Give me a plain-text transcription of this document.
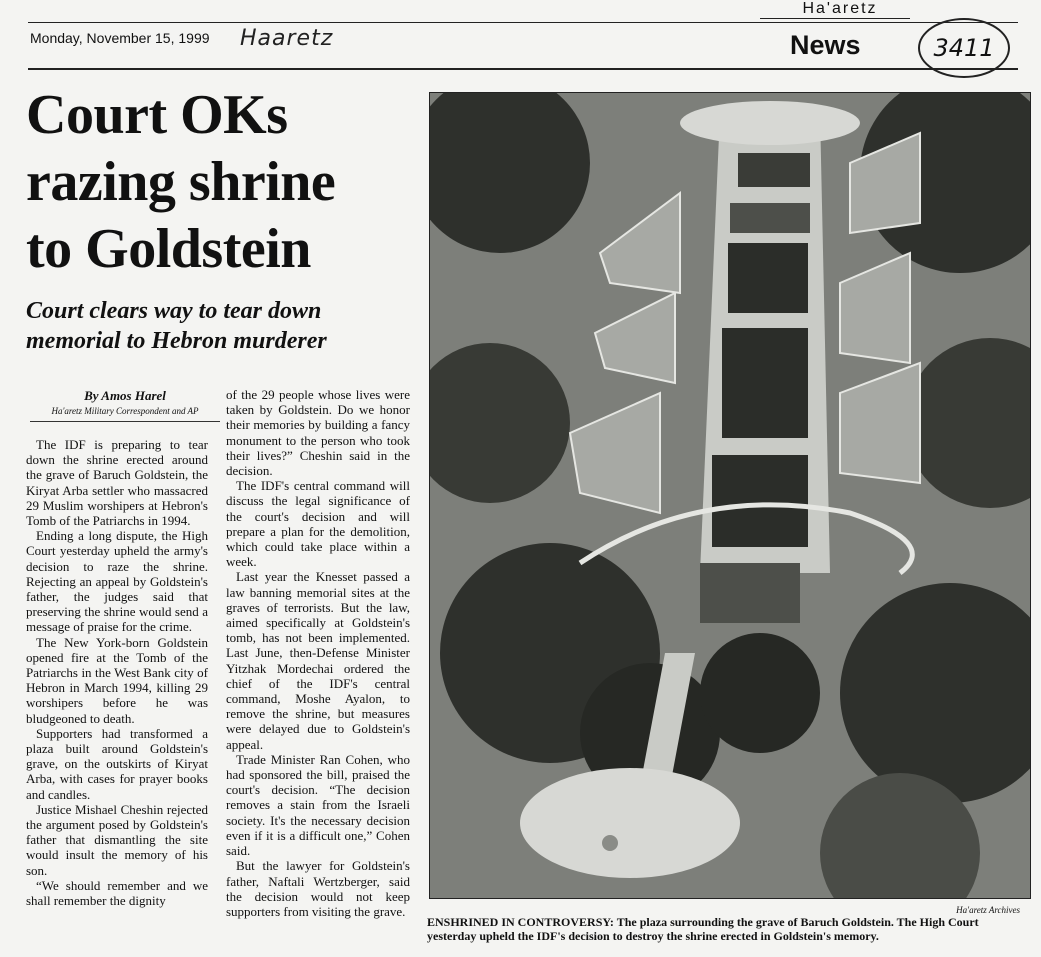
Ha'aretz
Monday, November 15, 1999 Haaretz	News	3411
Court OKs
razing shrine
to Goldstein
Court clears way to tear down
memorial to Hebron murderer
By Amos Harel
Ha'aretz Military Correspondent and AP

The IDF is preparing to tear down the shrine erected around the grave of Baruch Goldstein, the Kiryat Arba settler who massacred 29 Muslim worshipers at Hebron's Tomb of the Patriarchs in 1994.

Ending a long dispute, the High Court yesterday upheld the army's decision to raze the shrine. Rejecting an appeal by Goldstein's father, the judges said that preserving the shrine would send a message of praise for the crime.

The New York-born Goldstein opened fire at the Tomb of the Patriarchs in the West Bank city of Hebron in March 1994, killing 29 worshipers before he was bludgeoned to death.

Supporters had transformed a plaza built around Goldstein's grave, on the outskirts of Kiryat Arba, with cases for prayer books and candles.

Justice Mishael Cheshin rejected the argument posed by Goldstein's father that dismantling the site would insult the memory of his son.

“We should remember and we shall remember the dignity

of the 29 people whose lives were taken by Goldstein. Do we honor their memories by building a fancy monument to the person who took their lives?” Cheshin said in the decision.

The IDF's central command will discuss the legal significance of the court's decision and will prepare a plan for the demolition, which could take place within a week.

Last year the Knesset passed a law banning memorial sites at the graves of terrorists. But the law, aimed specifically at Goldstein's tomb, has not been implemented. Last June, then-Defense Minister Yitzhak Mordechai ordered the chief of the IDF's central command, Moshe Ayalon, to remove the shrine, but measures were delayed due to Goldstein's appeal.

Trade Minister Ran Cohen, who had sponsored the bill, praised the court's decision. “The decision removes a stain from the Israeli society. It's the necessary decision even if it is a difficult one,” Cohen said.

But the lawyer for Goldstein's father, Naftali Wertzberger, said the decision would not keep supporters from visiting the grave.	Ha'aretz Archives
ENSHRINED IN CONTROVERSY: The plaza surrounding the grave of Baruch Goldstein. The High Court yesterday upheld the IDF's decision to destroy the shrine erected in Goldstein's memory.
